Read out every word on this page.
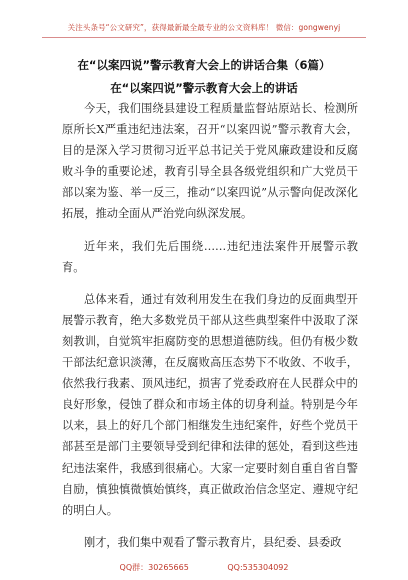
关注头条号“公文研究”，获得最新最全最专业的公文资料库！ 微信：gongwenyj
在“以案四说”警示教育大会上的讲话合集（6篇）
在“以案四说”警示教育大会上的讲话

今天，我们围绕县建设工程质量监督站原站长、检测所原所长X严重违纪违法案，召开“以案四说”警示教育大会，目的是深入学习贯彻习近平总书记关于党风廉政建设和反腐败斗争的重要论述，教育引导全县各级党组织和广大党员干部以案为鉴、举一反三，推动“以案四说”从示警向促改深化拓展，推动全面从严治党向纵深发展。

近年来，我们先后围绕……违纪违法案件开展警示教育。

总体来看，通过有效利用发生在我们身边的反面典型开展警示教育，绝大多数党员干部从这些典型案件中汲取了深刻教训，自觉筑牢拒腐防变的思想道德防线。但仍有极少数干部法纪意识淡薄，在反腐败高压态势下不收敛、不收手，依然我行我素、顶风违纪，损害了党委政府在人民群众中的良好形象，侵蚀了群众和市场主体的切身利益。特别是今年以来，县上的好几个部门相继发生违纪案件，好些个党员干部甚至是部门主要领导受到纪律和法律的惩处，看到这些违纪违法案件，我感到很痛心。大家一定要时刻自重自省自警自励，慎独慎微慎始慎终，真正做政治信念坚定、遵规守纪的明白人。

刚才，我们集中观看了警示教育片，县纪委、县委政

QQ群：30265665	QQ:535304092
